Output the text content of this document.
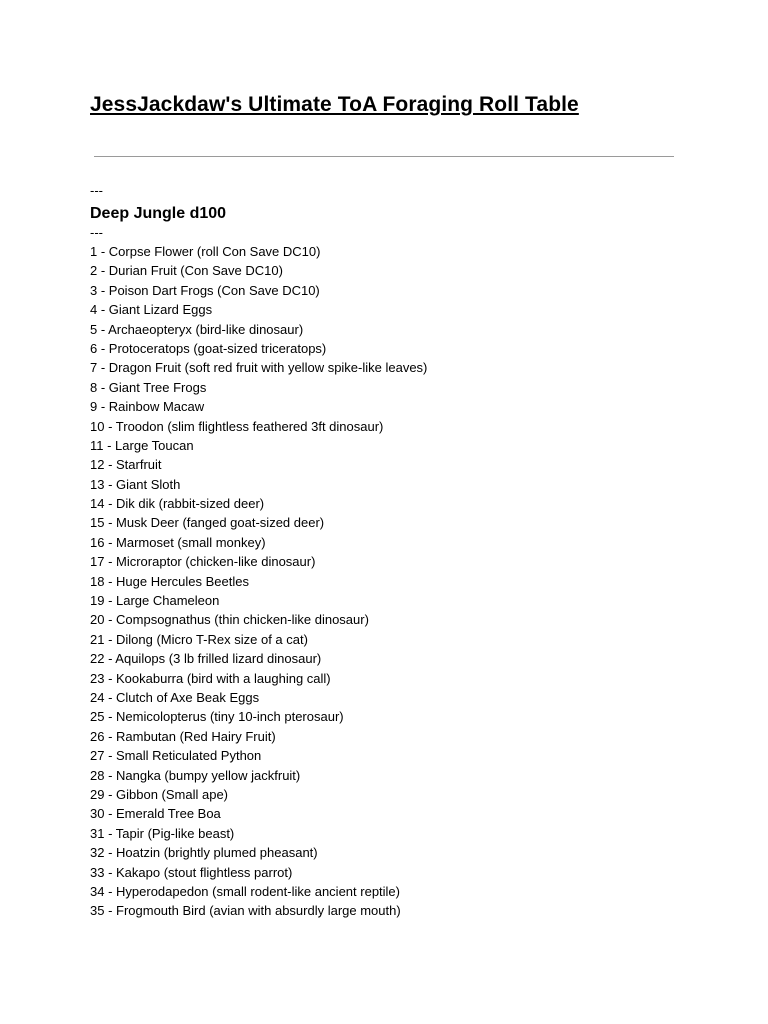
JessJackdaw's Ultimate ToA Foraging Roll Table
---
Deep Jungle d100
---
1 - Corpse Flower (roll Con Save DC10)
2 - Durian Fruit (Con Save DC10)
3 - Poison Dart Frogs (Con Save DC10)
4 - Giant Lizard Eggs
5 - Archaeopteryx (bird-like dinosaur)
6 - Protoceratops (goat-sized triceratops)
7 - Dragon Fruit (soft red fruit with yellow spike-like leaves)
8 - Giant Tree Frogs
9 - Rainbow Macaw
10 - Troodon (slim flightless feathered 3ft dinosaur)
11 - Large Toucan
12 - Starfruit
13 - Giant Sloth
14 - Dik dik (rabbit-sized deer)
15 - Musk Deer (fanged goat-sized deer)
16 - Marmoset (small monkey)
17 - Microraptor (chicken-like dinosaur)
18 - Huge Hercules Beetles
19 - Large Chameleon
20 - Compsognathus (thin chicken-like dinosaur)
21 - Dilong (Micro T-Rex size of a cat)
22 - Aquilops (3 lb frilled lizard dinosaur)
23 - Kookaburra (bird with a laughing call)
24 - Clutch of Axe Beak Eggs
25 - Nemicolopterus (tiny 10-inch pterosaur)
26 - Rambutan (Red Hairy Fruit)
27 - Small Reticulated Python
28 - Nangka (bumpy yellow jackfruit)
29 - Gibbon (Small ape)
30 - Emerald Tree Boa
31 - Tapir (Pig-like beast)
32 - Hoatzin (brightly plumed pheasant)
33 - Kakapo (stout flightless parrot)
34 - Hyperodapedon (small rodent-like ancient reptile)
35 - Frogmouth Bird (avian with absurdly large mouth)
